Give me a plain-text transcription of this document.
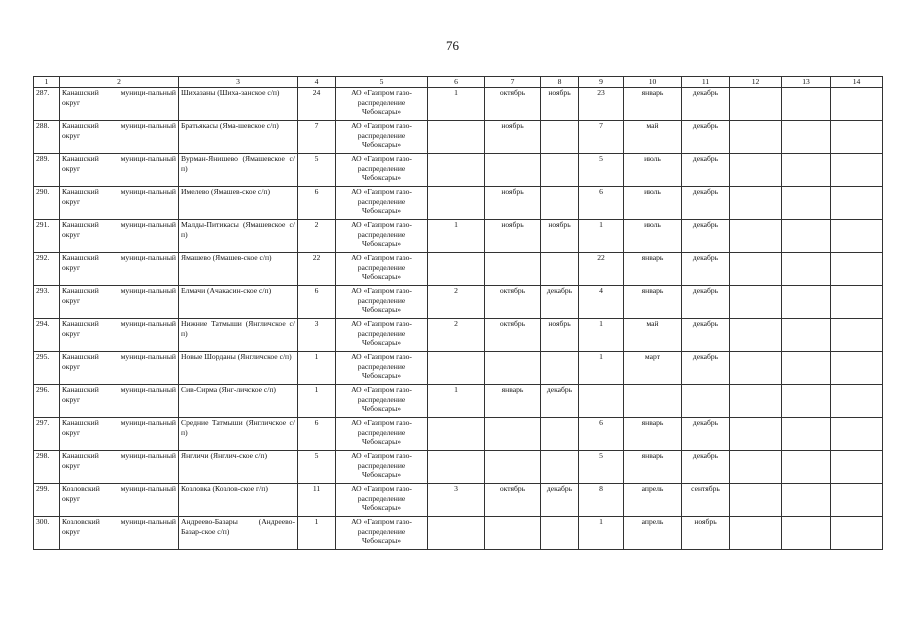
76
1	2	3	4	5	6	7	8	9	10	11	12	13	14
287.	Канашский муници-пальный округ	Шихазаны (Шиха-занское с/п)	24	АО «Газпром газо-распределение Чебоксары»	1	октябрь	ноябрь	23	январь	декабрь			
288.	Канашский муници-пальный округ	Братьякасы (Яма-шевское с/п)	7	АО «Газпром газо-распределение Чебоксары»		ноябрь		7	май	декабрь			
289.	Канашский муници-пальный округ	Вурман-Янишево (Ямашевское с/п)	5	АО «Газпром газо-распределение Чебоксары»				5	июль	декабрь			
290.	Канашский муници-пальный округ	Имелево (Ямашев-ское с/п)	6	АО «Газпром газо-распределение Чебоксары»		ноябрь		6	июль	декабрь			
291.	Канашский муници-пальный округ	Малды-Питикасы (Ямашевское с/п)	2	АО «Газпром газо-распределение Чебоксары»	1	ноябрь	ноябрь	1	июль	декабрь			
292.	Канашский муници-пальный округ	Ямашево (Ямашев-ское с/п)	22	АО «Газпром газо-распределение Чебоксары»				22	январь	декабрь			
293.	Канашский муници-пальный округ	Елмачи (Ачакасин-ское с/п)	6	АО «Газпром газо-распределение Чебоксары»	2	октябрь	декабрь	4	январь	декабрь			
294.	Канашский муници-пальный округ	Нижние Татмыши (Янгличское с/п)	3	АО «Газпром газо-распределение Чебоксары»	2	октябрь	ноябрь	1	май	декабрь			
295.	Канашский муници-пальный округ	Новые Шорданы (Янгличское с/п)	1	АО «Газпром газо-распределение Чебоксары»				1	март	декабрь			
296.	Канашский муници-пальный округ	Сив-Сирма (Янг-личское с/п)	1	АО «Газпром газо-распределение Чебоксары»	1	январь	декабрь						
297.	Канашский муници-пальный округ	Средние Татмыши (Янгличское с/п)	6	АО «Газпром газо-распределение Чебоксары»				6	январь	декабрь			
298.	Канашский муници-пальный округ	Янгличи (Янглич-ское с/п)	5	АО «Газпром газо-распределение Чебоксары»				5	январь	декабрь			
299.	Козловский муници-пальный округ	Козловка (Козлов-ское г/п)	11	АО «Газпром газо-распределение Чебоксары»	3	октябрь	декабрь	8	апрель	сентябрь			
300.	Козловский муници-пальный округ	Андреево-Базары (Андреево-Базар-ское с/п)	1	АО «Газпром газо-распределение Чебоксары»				1	апрель	ноябрь			
